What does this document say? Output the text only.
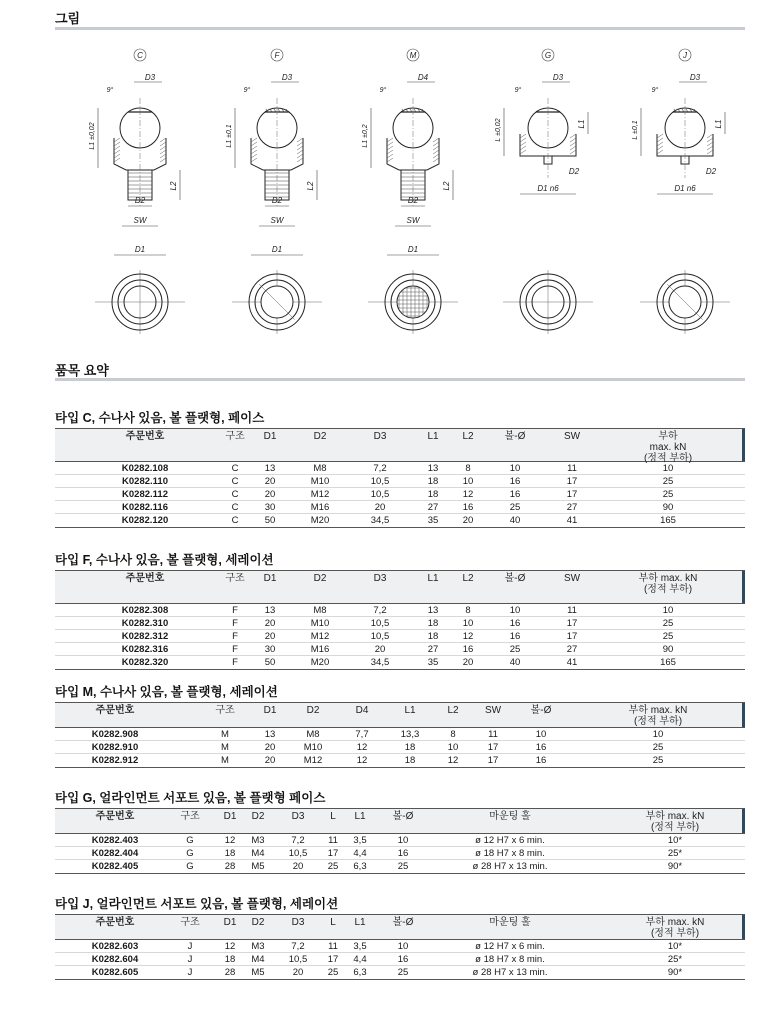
그림
C
D3
L1 ±0,02
L2
D2
SW
D1
9°
F
D3
L1 ±0,1
L2
D2
SW
D1
9°
M
D4
L1 ±0,2
L2
D2
SW
D1
9°
G
D3
L ±0,02	L1
D2
D1 n6
9°
J
D3
L ±0,1	L1
D2
D1 n6
9°
품목 요약
타입 C, 수나사 있음, 볼 플랫형, 페이스
주문번호	구조	D1	D2	D3	L1	L2	볼-Ø	SW	부하
max. kN
(정적 부하)
K0282.108	C	13	M8	7,2	13	8	10	11	10
K0282.110	C	20	M10	10,5	18	10	16	17	25
K0282.112	C	20	M12	10,5	18	12	16	17	25
K0282.116	C	30	M16	20	27	16	25	27	90
K0282.120	C	50	M20	34,5	35	20	40	41	165
타입 F, 수나사 있음, 볼 플랫형, 세레이션
주문번호	구조	D1	D2	D3	L1	L2	볼-Ø	SW	부하 max. kN
(정적 부하)
K0282.308	F	13	M8	7,2	13	8	10	11	10
K0282.310	F	20	M10	10,5	18	10	16	17	25
K0282.312	F	20	M12	10,5	18	12	16	17	25
K0282.316	F	30	M16	20	27	16	25	27	90
K0282.320	F	50	M20	34,5	35	20	40	41	165
타입 M, 수나사 있음, 볼 플랫형, 세레이션
주문번호	구조	D1	D2	D4	L1	L2	SW	볼-Ø	부하 max. kN
(정적 부하)
K0282.908	M	13	M8	7,7	13,3	8	11	10	10
K0282.910	M	20	M10	12	18	10	17	16	25
K0282.912	M	20	M12	12	18	12	17	16	25
타입 G, 얼라인먼트 서포트 있음, 볼 플랫형 페이스
주문번호	구조	D1	D2	D3	L	L1	볼-Ø	마운팅 홀	부하 max. kN
(정적 부하)
K0282.403	G	12	M3	7,2	11	3,5	10	ø 12 H7 x 6 min.	10*
K0282.404	G	18	M4	10,5	17	4,4	16	ø 18 H7 x 8 min.	25*
K0282.405	G	28	M5	20	25	6,3	25	ø 28 H7 x 13 min.	90*
타입 J, 얼라인먼트 서포트 있음, 볼 플랫형, 세레이션
주문번호	구조	D1	D2	D3	L	L1	볼-Ø	마운팅 홀	부하 max. kN
(정적 부하)
K0282.603	J	12	M3	7,2	11	3,5	10	ø 12 H7 x 6 min.	10*
K0282.604	J	18	M4	10,5	17	4,4	16	ø 18 H7 x 8 min.	25*
K0282.605	J	28	M5	20	25	6,3	25	ø 28 H7 x 13 min.	90*
